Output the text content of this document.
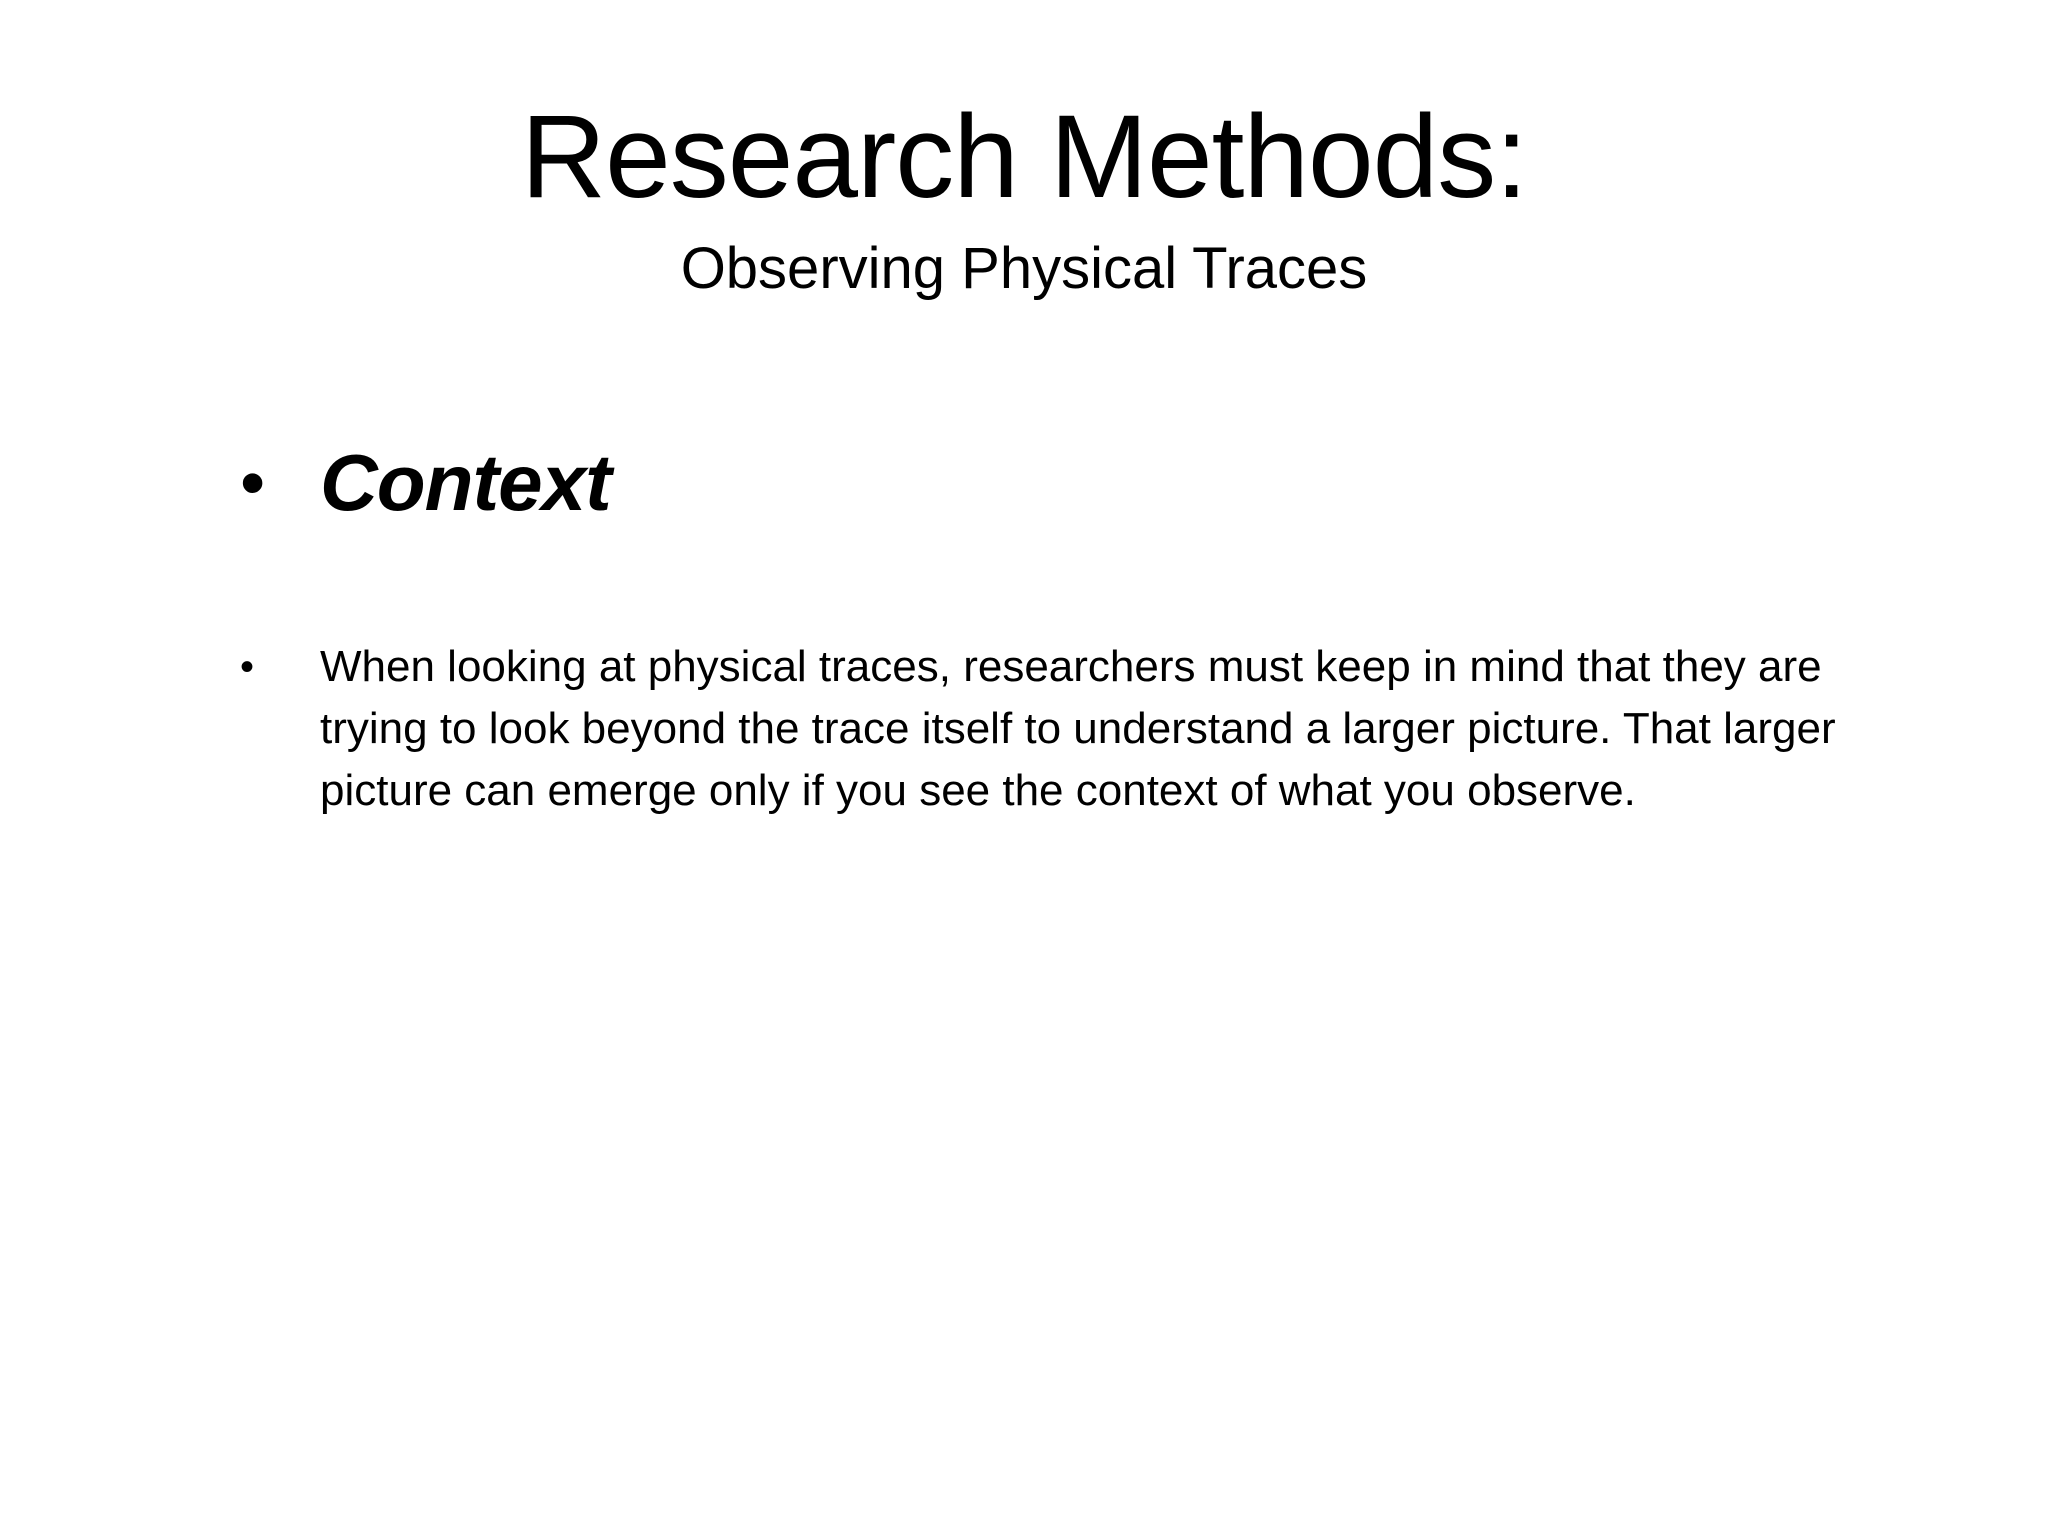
Research Methods:
Observing Physical Traces
• Context
•	When looking at physical traces, researchers must keep in mind that they are trying to look beyond the trace itself to understand a larger picture. That larger picture can emerge only if you see the context of what you observe.
